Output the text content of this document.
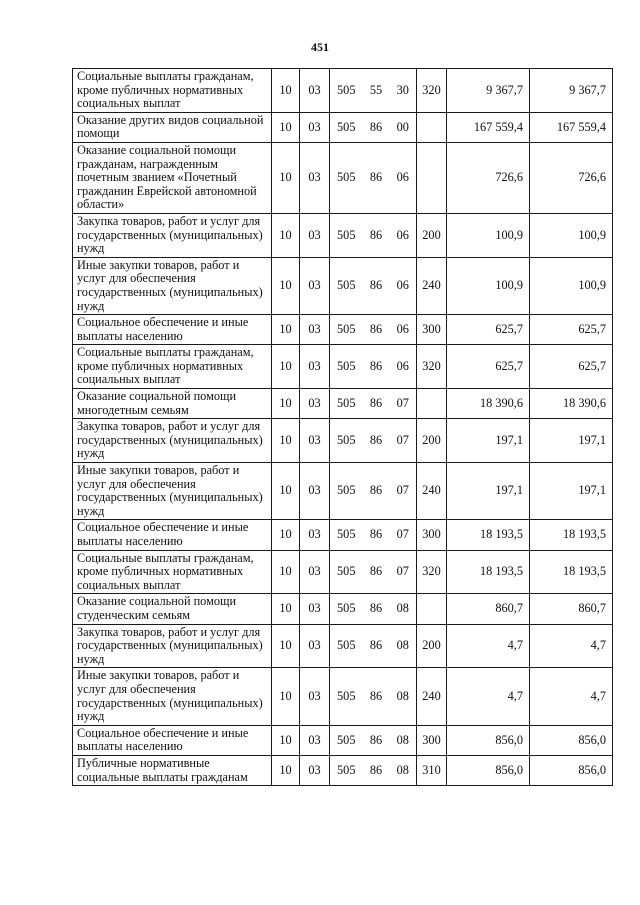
451
Социальные выплаты гражданам, кроме публичных нормативных социальных выплат	10	03	505	55	30	320	9 367,7	9 367,7
Оказание других видов социальной помощи	10	03	505	86	00		167 559,4	167 559,4
Оказание социальной помощи гражданам, награжденным почетным званием «Почетный гражданин Еврейской автономной области»	10	03	505	86	06		726,6	726,6
Закупка товаров, работ и услуг для государственных (муниципальных) нужд	10	03	505	86	06	200	100,9	100,9
Иные закупки товаров, работ и услуг для обеспечения государственных (муниципальных) нужд	10	03	505	86	06	240	100,9	100,9
Социальное обеспечение и иные выплаты населению	10	03	505	86	06	300	625,7	625,7
Социальные выплаты гражданам, кроме публичных нормативных социальных выплат	10	03	505	86	06	320	625,7	625,7
Оказание социальной помощи многодетным семьям	10	03	505	86	07		18 390,6	18 390,6
Закупка товаров, работ и услуг для государственных (муниципальных) нужд	10	03	505	86	07	200	197,1	197,1
Иные закупки товаров, работ и услуг для обеспечения государственных (муниципальных) нужд	10	03	505	86	07	240	197,1	197,1
Социальное обеспечение и иные выплаты населению	10	03	505	86	07	300	18 193,5	18 193,5
Социальные выплаты гражданам, кроме публичных нормативных социальных выплат	10	03	505	86	07	320	18 193,5	18 193,5
Оказание социальной помощи студенческим семьям	10	03	505	86	08		860,7	860,7
Закупка товаров, работ и услуг для государственных (муниципальных) нужд	10	03	505	86	08	200	4,7	4,7
Иные закупки товаров, работ и услуг для обеспечения государственных (муниципальных) нужд	10	03	505	86	08	240	4,7	4,7
Социальное обеспечение и иные выплаты населению	10	03	505	86	08	300	856,0	856,0
Публичные нормативные социальные выплаты гражданам	10	03	505	86	08	310	856,0	856,0
